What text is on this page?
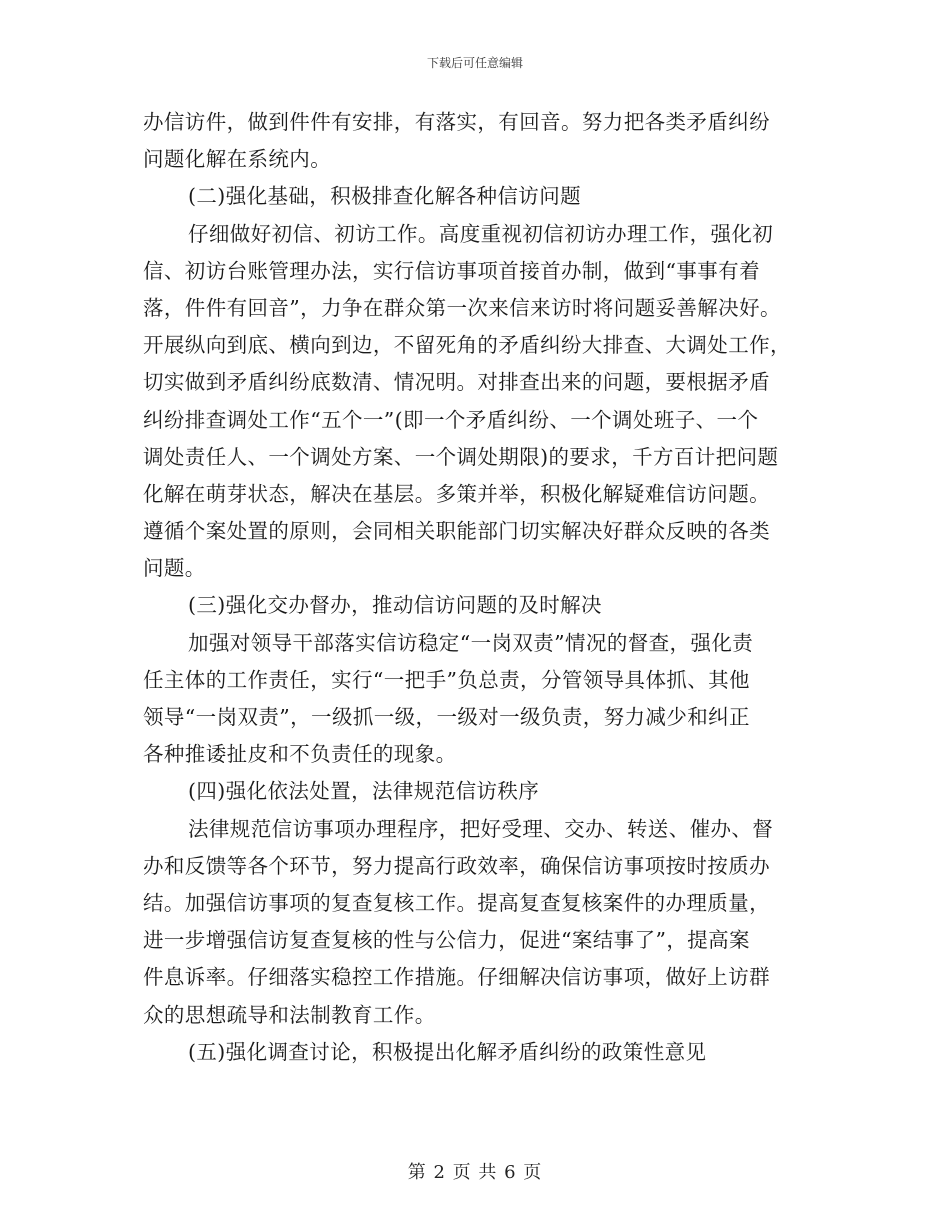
下载后可任意编辑

办信访件，做到件件有安排，有落实，有回音。努力把各类矛盾纠纷
问题化解在系统内。
(二)强化基础，积极排查化解各种信访问题
仔细做好初信、初访工作。高度重视初信初访办理工作，强化初
信、初访台账管理办法，实行信访事项首接首办制，做到“事事有着
落，件件有回音”，力争在群众第一次来信来访时将问题妥善解决好。
开展纵向到底、横向到边，不留死角的矛盾纠纷大排查、大调处工作，
切实做到矛盾纠纷底数清、情况明。对排查出来的问题，要根据矛盾
纠纷排查调处工作“五个一”(即一个矛盾纠纷、一个调处班子、一个
调处责任人、一个调处方案、一个调处期限)的要求，千方百计把问题
化解在萌芽状态，解决在基层。多策并举，积极化解疑难信访问题。
遵循个案处置的原则，会同相关职能部门切实解决好群众反映的各类
问题。
(三)强化交办督办，推动信访问题的及时解决
加强对领导干部落实信访稳定“一岗双责”情况的督查，强化责
任主体的工作责任，实行“一把手”负总责，分管领导具体抓、其他
领导“一岗双责”，一级抓一级，一级对一级负责，努力减少和纠正
各种推诿扯皮和不负责任的现象。
(四)强化依法处置，法律规范信访秩序
法律规范信访事项办理程序，把好受理、交办、转送、催办、督
办和反馈等各个环节，努力提高行政效率，确保信访事项按时按质办
结。加强信访事项的复查复核工作。提高复查复核案件的办理质量，
进一步增强信访复查复核的性与公信力，促进“案结事了”，提高案
件息诉率。仔细落实稳控工作措施。仔细解决信访事项，做好上访群
众的思想疏导和法制教育工作。
(五)强化调查讨论，积极提出化解矛盾纠纷的政策性意见

第 2 页 共 6 页
